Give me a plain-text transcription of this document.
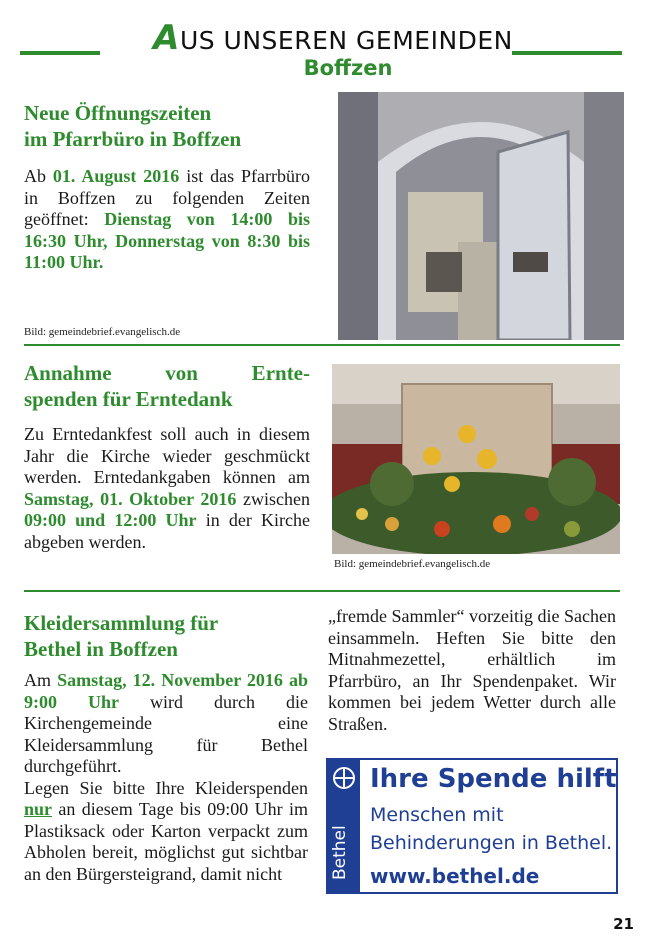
AUS UNSEREN GEMEINDEN
Boffzen
Neue Öffnungszeiten
im Pfarrbüro in Boffzen
Ab 01. August 2016 ist das Pfarrbüro in Boffzen zu folgenden Zeiten geöffnet: Dienstag von 14:00 bis 16:30 Uhr, Donnerstag von 8:30 bis 11:00 Uhr.
Bild: gemeindebrief.evangelisch.de
Annahme von Ernte-
spenden für Erntedank
Zu Erntedankfest soll auch in diesem Jahr die Kirche wieder geschmückt werden. Erntedankgaben können am Samstag, 01. Oktober 2016 zwischen 09:00 und 12:00 Uhr in der Kirche abgeben werden.
Bild: gemeindebrief.evangelisch.de
Kleidersammlung für
Bethel in Boffzen
Am Samstag, 12. November 2016 ab 9:00 Uhr wird durch die Kirchengemeinde eine Kleidersammlung für Bethel durchgeführt.
Legen Sie bitte Ihre Kleiderspenden nur an diesem Tage bis 09:00 Uhr im Plastiksack oder Karton verpackt zum Abholen bereit, möglichst gut sichtbar an den Bürgersteigrand, damit nicht
„fremde Sammler“ vorzeitig die Sachen einsammeln. Heften Sie bitte den Mitnahmezettel, erhältlich im Pfarrbüro, an Ihr Spendenpaket. Wir kommen bei jedem Wetter durch alle Straßen.
Bethel
Ihre Spende hilft
Menschen mit
Behinderungen in Bethel.
www.bethel.de
21
